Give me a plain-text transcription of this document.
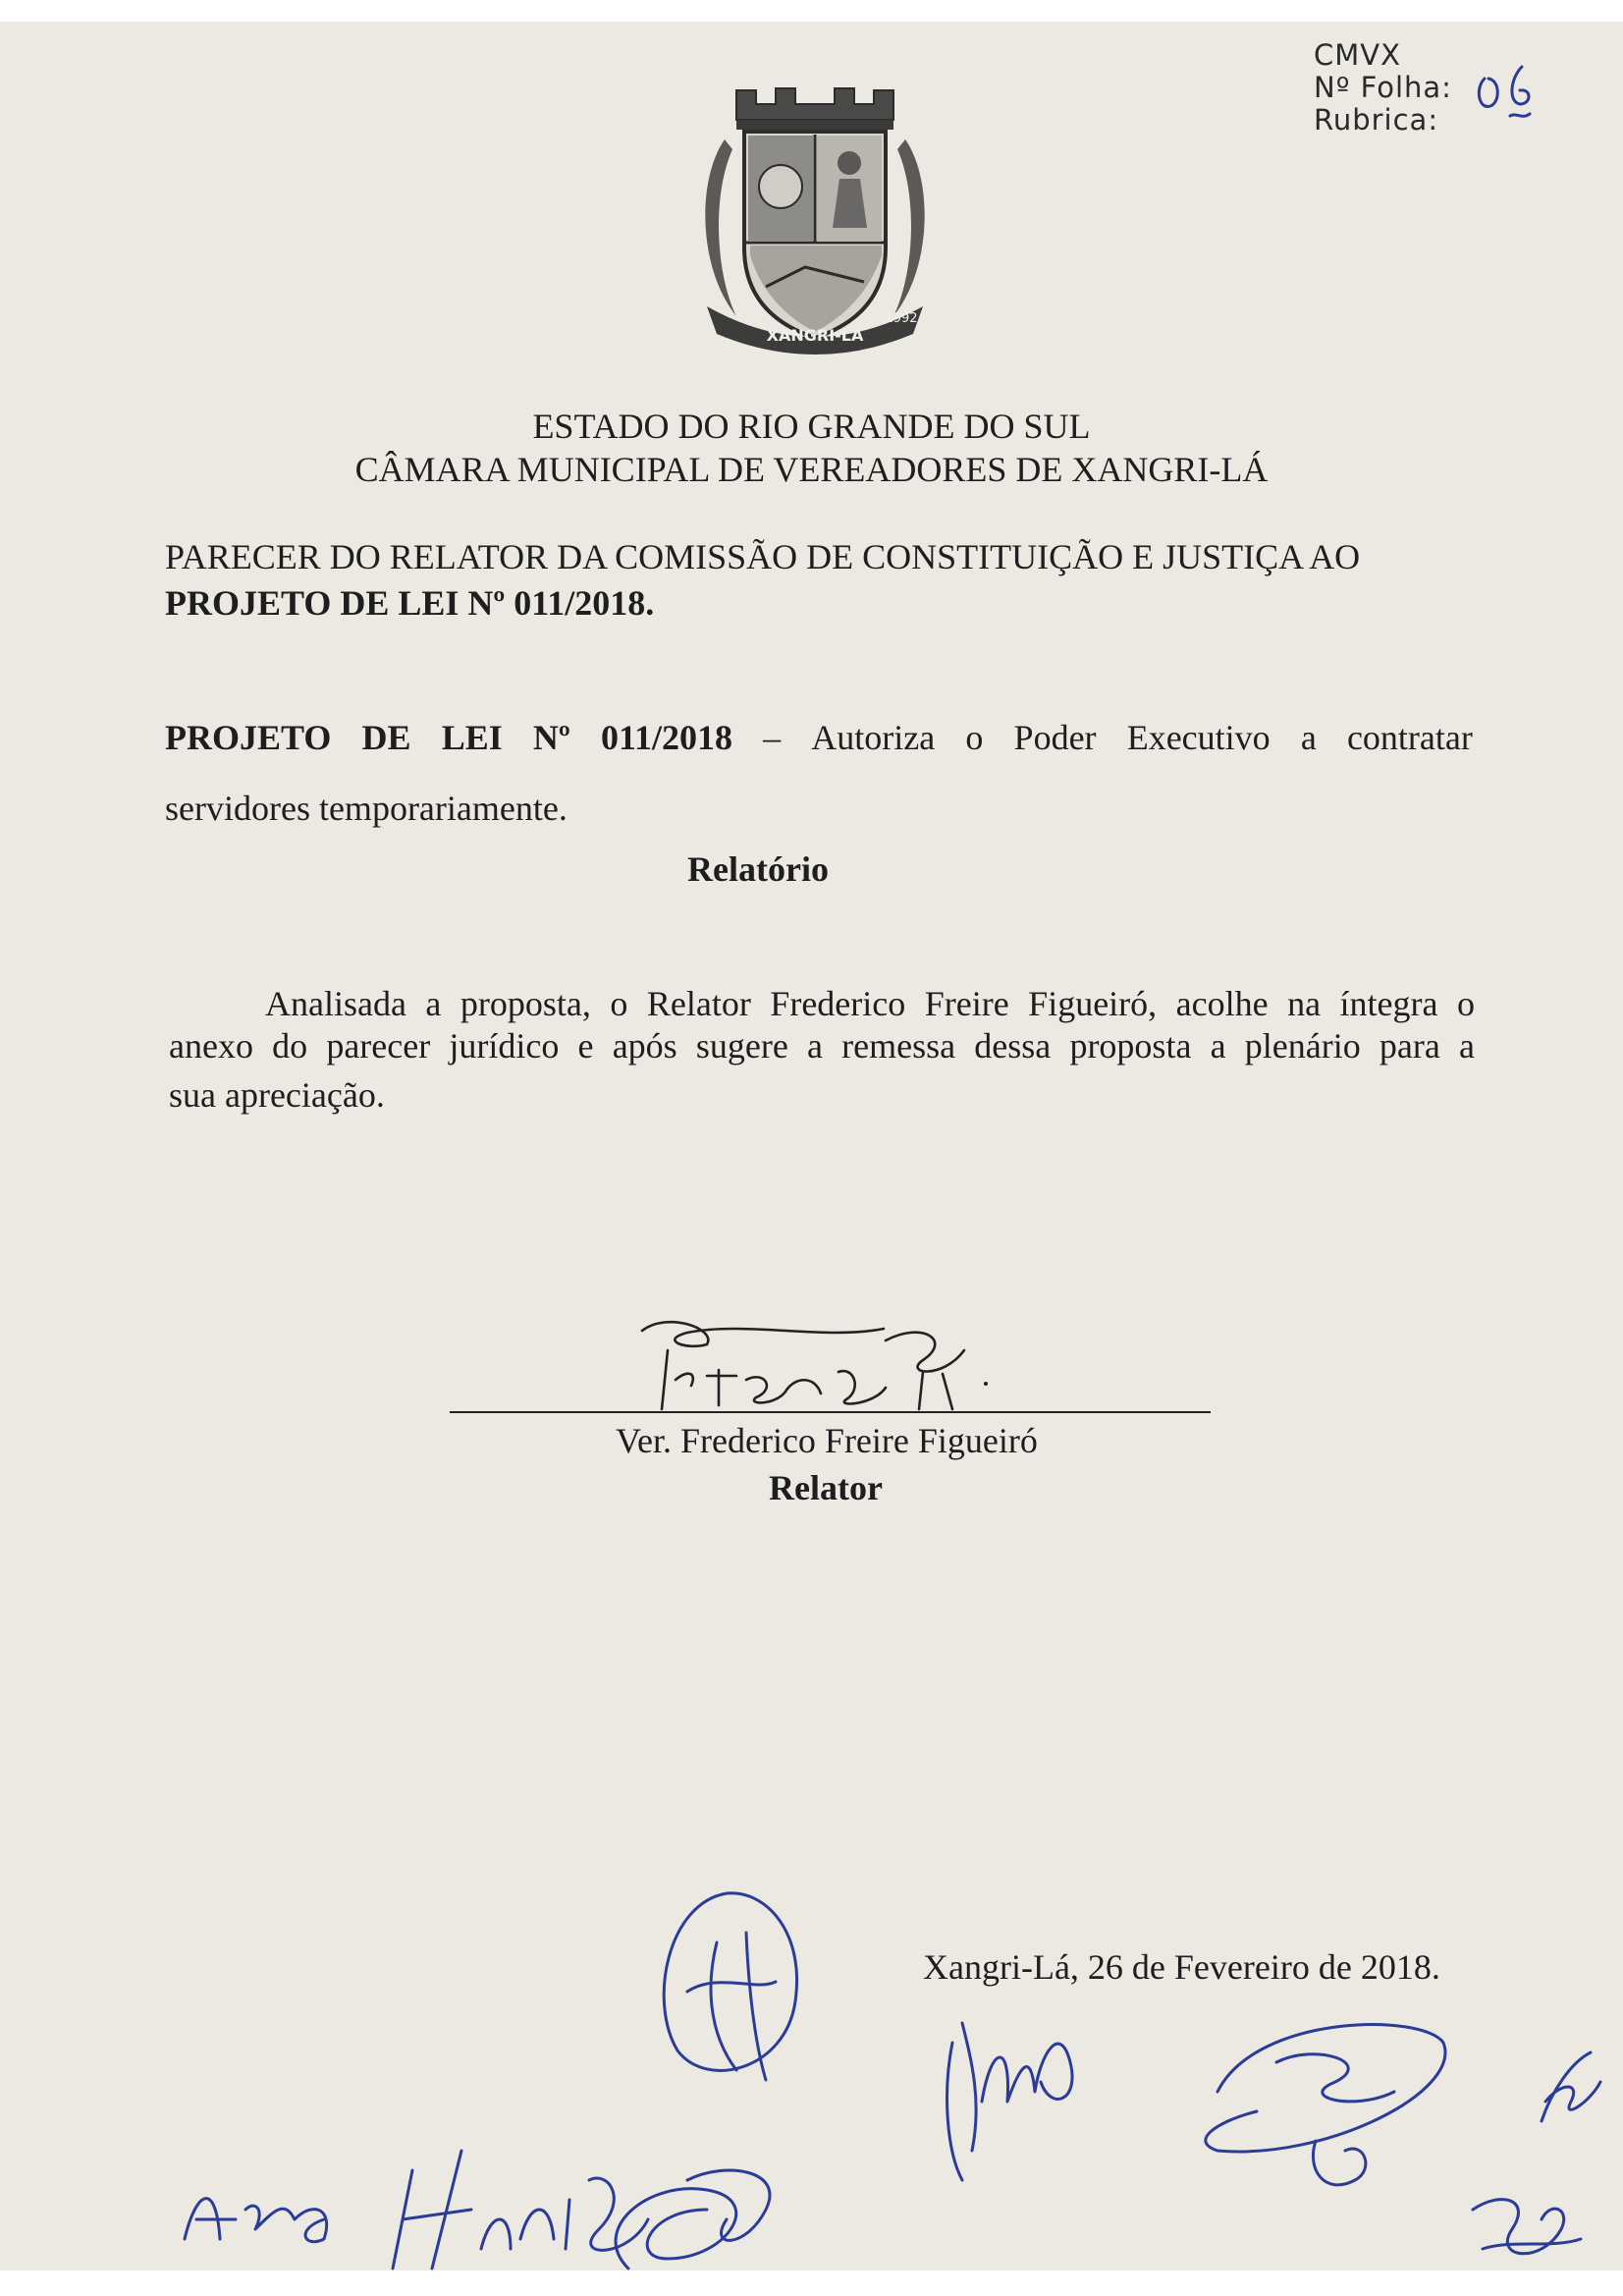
CMVX
Nº Folha:
Rubrica:
XANGRI-LÁ
1992
ESTADO DO RIO GRANDE DO SUL
CÂMARA MUNICIPAL DE VEREADORES DE XANGRI-LÁ
PARECER DO RELATOR DA COMISSÃO DE CONSTITUIÇÃO E JUSTIÇA AO
PROJETO DE LEI Nº 011/2018.
PROJETO DE LEI Nº 011/2018 – Autoriza o Poder Executivo a contratar
servidores temporariamente.
Relatório
Analisada a proposta, o Relator Frederico Freire Figueiró, acolhe na íntegra o
anexo do parecer jurídico e após sugere a remessa dessa proposta a plenário para a
sua apreciação.
Ver. Frederico Freire Figueiró
Relator
Xangri-Lá, 26 de Fevereiro de 2018.
